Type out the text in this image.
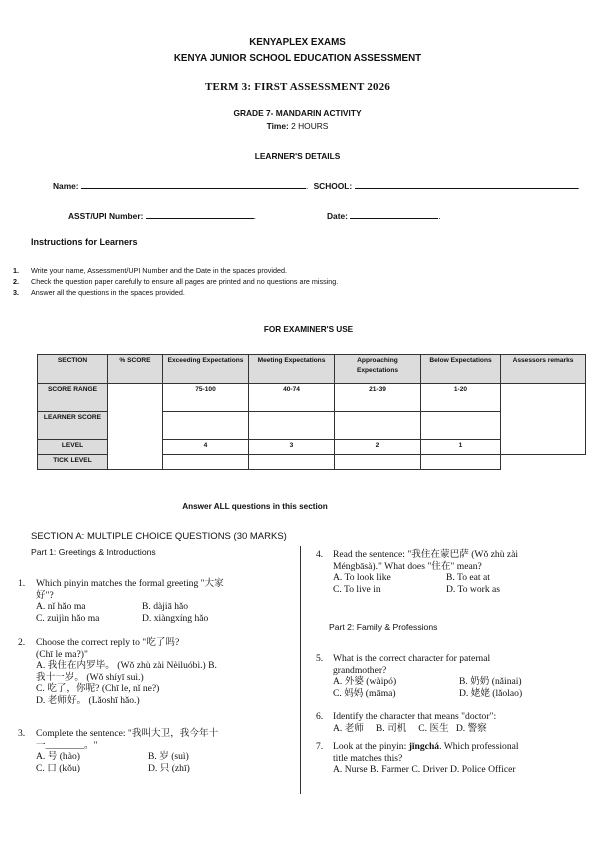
KENYAPLEX EXAMS
KENYA JUNIOR SCHOOL EDUCATION ASSESSMENT
TERM 3: FIRST ASSESSMENT 2026
GRADE 7- MANDARIN ACTIVITY
Time: 2 HOURS
LEARNER'S DETAILS
Name:	. SCHOOL:	.
ASST/UPI Number:	.	Date:	.
Instructions for Learners
1. Write your name, Assessment/UPI Number and the Date in the spaces provided.
2. Check the question paper carefully to ensure all pages are printed and no questions are missing.
3. Answer all the questions in the spaces provided.
FOR EXAMINER'S USE
SECTION	% SCORE	Exceeding Expectations	Meeting Expectations	Approaching Expectations	Below Expectations	Assessors remarks
SCORE RANGE		75-100	40-74	21-39	1-20	
LEARNER SCORE						
LEVEL		4	3	2	1	
TICK LEVEL						
Answer ALL questions in this section
SECTION A: MULTIPLE CHOICE QUESTIONS (30 MARKS)
Part 1: Greetings & Introductions
1. Which pinyin matches the formal greeting "大家
好"?
A. nǐ hǎo ma	B. dàjiā hǎo
C. zuìjìn hǎo ma	D. xiàngxíng hǎo
2. Choose the correct reply to "吃了吗?
(Chī le ma?)"
A. 我住在内罗毕。 (Wǒ zhù zài Nèiluóbì.) B.
我十一岁。 (Wǒ shíyī suì.)
C. 吃了，你呢? (Chī le, nǐ ne?)
D. 老师好。 (Lǎoshī hǎo.)
3. Complete the sentence: "我叫大卫，我今年十
一________。"
A. 号 (hào)	B. 岁 (suì)
C. 口 (kǒu)	D. 只 (zhī)
4. Read the sentence: "我住在蒙巴萨 (Wǒ zhù zài
Méngbāsà)." What does "住在" mean?
A. To look like	B. To eat at
C. To live in	D. To work as
Part 2: Family & Professions
5. What is the correct character for paternal
grandmother?
A. 外婆 (wàipó)	B. 奶奶 (nǎinai)
C. 妈妈 (māma)	D. 姥姥 (lǎolao)
6. Identify the character that means "doctor":
A. 老师     B. 司机     C. 医生   D. 警察
7. Look at the pinyin: jǐngchá. Which professional
title matches this?
A. Nurse B. Farmer C. Driver D. Police Officer
